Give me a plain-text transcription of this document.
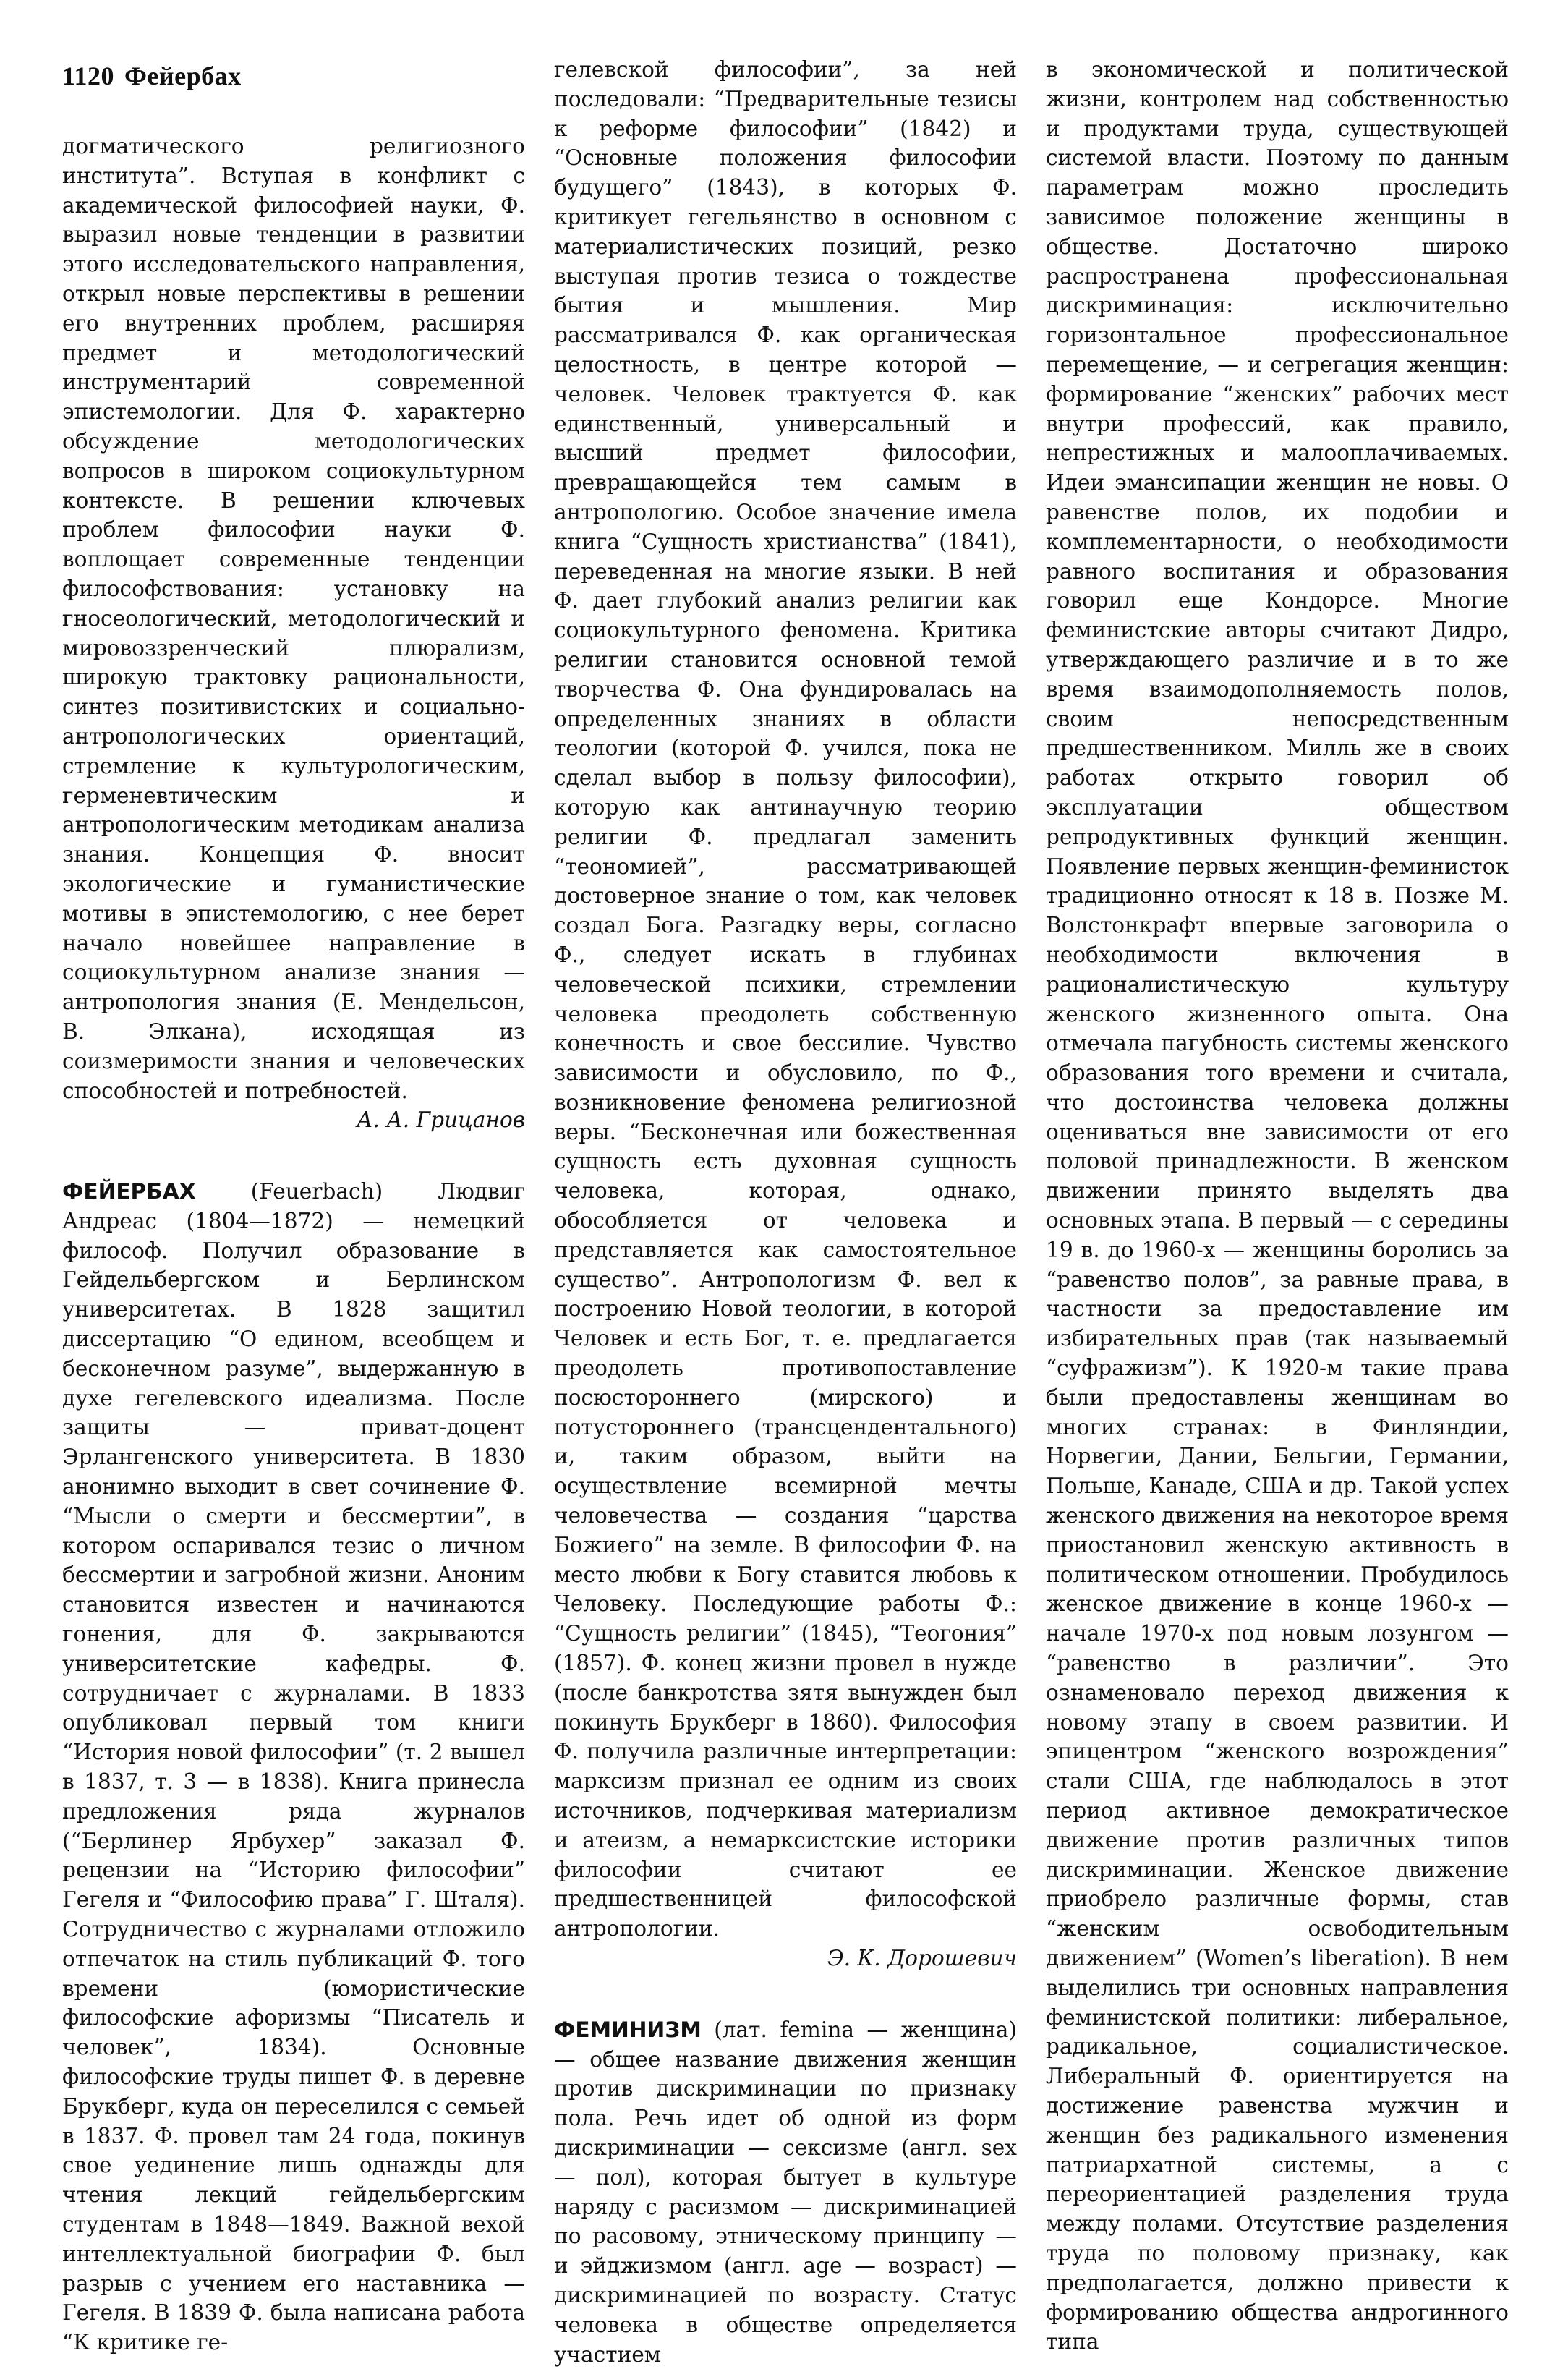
1120 Фейербах

догматического религиозного института”. Вступая в конфликт с академической философией науки, Ф. выразил новые тенденции в развитии этого исследовательского направления, открыл новые перспективы в решении его внутренних проблем, расширяя предмет и методологический инструментарий современной эпистемологии. Для Ф. характерно обсуждение методологических вопросов в широком социокультурном контексте. В решении ключевых проблем философии науки Ф. воплощает современные тенденции философствования: установку на гносеологический, методологический и мировоззренческий плюрализм, широкую трактовку рациональности, синтез позитивистских и социально-антропологических ориентаций, стремление к культурологическим, герменевтическим и антропологическим методикам анализа знания. Концепция Ф. вносит экологические и гуманистические мотивы в эпистемологию, с нее берет начало новейшее направление в социокультурном анализе знания — антропология знания (Е. Мендельсон, В. Элкана), исходящая из соизмеримости знания и человеческих способностей и потребностей.

А. А. Грицанов

ФЕЙЕРБАХ	(Feuerbach) Людвиг Андреас (1804—1872) — немецкий философ. Получил образование в Гейдельбергском и Берлинском университетах. В 1828 защитил диссертацию “О едином, всеобщем и бесконечном разуме”, выдержанную в духе гегелевского идеализма. После защиты — приват-доцент Эрлангенского университета. В 1830 анонимно выходит в свет сочинение Ф. “Мысли о смерти и бессмертии”, в котором оспаривался тезис о личном бессмертии и загробной жизни. Аноним становится известен и начинаются гонения, для Ф. закрываются университетские кафедры. Ф. сотрудничает с журналами. В 1833 опубликовал первый том книги “История новой философии” (т. 2 вышел в 1837, т. 3 — в 1838). Книга принесла предложения ряда журналов (“Берлинер Ярбухер” заказал Ф. рецензии на “Историю философии” Гегеля и “Философию права” Г. Шталя). Сотрудничество с журналами отложило отпечаток на стиль публикаций Ф. того времени (юмористические философские афоризмы “Писатель и человек”, 1834). Основные философские труды пишет Ф. в деревне Брукберг, куда он переселился с семьей в 1837. Ф. провел там 24 года, покинув свое уединение лишь однажды для чтения лекций гейдельбергским студентам в 1848—1849. Важной вехой интеллектуальной биографии Ф. был разрыв с учением его наставника — Гегеля. В 1839 Ф. была написана работа “К критике ге-

гелевской философии”, за ней последовали: “Предварительные тезисы к реформе философии” (1842) и “Основные положения философии будущего” (1843), в которых Ф. критикует гегельянство в основном с материалистических позиций, резко выступая против тезиса о тождестве бытия и мышления. Мир рассматривался Ф. как органическая целостность, в центре которой — человек. Человек трактуется Ф. как единственный, универсальный и высший предмет философии, превращающейся тем самым в антропологию. Особое значение имела книга “Сущность христианства” (1841), переведенная на многие языки. В ней Ф. дает глубокий анализ религии как социокультурного феномена. Критика религии становится основной темой творчества Ф. Она фундировалась на определенных знаниях в области теологии (которой Ф. учился, пока не сделал выбор в пользу философии), которую как антинаучную теорию религии Ф. предлагал заменить “теономией”, рассматривающей достоверное знание о том, как человек создал Бога. Разгадку веры, согласно Ф., следует искать в глубинах человеческой психики, стремлении человека преодолеть собственную конечность и свое бессилие. Чувство зависимости и обусловило, по Ф., возникновение феномена религиозной веры. “Бесконечная или божественная сущность есть духовная сущность человека, которая, однако, обособляется от человека и представляется как самостоятельное существо”. Антропологизм Ф. вел к построению Новой теологии, в которой Человек и есть Бог, т. е. предлагается преодолеть противопоставление посюстороннего (мирского) и потустороннего (трансцендентального) и, таким образом, выйти на осуществление всемирной мечты человечества — создания “царства Божиего” на земле. В философии Ф. на место любви к Богу ставится любовь к Человеку. Последующие работы Ф.: “Сущность религии” (1845), “Теогония” (1857). Ф. конец жизни провел в нужде (после банкротства зятя вынужден был покинуть Брукберг в 1860). Философия Ф. получила различные интерпретации: марксизм признал ее одним из своих источников, подчеркивая материализм и атеизм, а немарксистские историки философии считают ее предшественницей философской антропологии.

Э. К. Дорошевич

ФЕМИНИЗМ (лат. femina — женщина) — общее название движения женщин против дискриминации по признаку пола. Речь идет об одной из форм дискриминации — сексизме (англ. sex — пол), которая бытует в культуре наряду с расизмом — дискриминацией по расовому, этническому принципу — и эйджизмом (англ. age — возраст) — дискриминацией по возрасту. Статус человека в обществе определяется участием

в экономической и политической жизни, контролем над собственностью и продуктами труда, существующей системой власти. Поэтому по данным параметрам можно проследить зависимое положение женщины в обществе. Достаточно широко распространена профессиональная дискриминация: исключительно горизонтальное профессиональное перемещение, — и сегрегация женщин: формирование “женских” рабочих мест внутри профессий, как правило, непрестижных и малооплачиваемых. Идеи эмансипации женщин не новы. О равенстве полов, их подобии и комплементарности, о необходимости равного воспитания и образования говорил еще Кондорсе. Многие феминистские авторы считают Дидро, утверждающего различие и в то же время взаимодополняемость полов, своим непосредственным предшественником. Милль же в своих работах открыто говорил об эксплуатации обществом репродуктивных функций женщин. Появление первых женщин-феминисток традиционно относят к 18 в. Позже М. Волстонкрафт впервые заговорила о необходимости включения в рационалистическую культуру женского жизненного опыта. Она отмечала пагубность системы женского образования того времени и считала, что достоинства человека должны оцениваться вне зависимости от его половой принадлежности. В женском движении принято выделять два основных этапа. В первый — с середины 19 в. до 1960-х — женщины боролись за “равенство полов”, за равные права, в частности за предоставление им избирательных прав (так называемый “суфражизм”). К 1920-м такие права были предоставлены женщинам во многих странах: в Финляндии, Норвегии, Дании, Бельгии, Германии, Польше, Канаде, США и др. Такой успех женского движения на некоторое время приостановил женскую активность в политическом отношении. Пробудилось женское движение в конце 1960-х — начале 1970-х под новым лозунгом — “равенство в различии”. Это ознаменовало переход движения к новому этапу в своем развитии. И эпицентром “женского возрождения” стали США, где наблюдалось в этот период активное демократическое движение против различных типов дискриминации. Женское движение приобрело различные формы, став “женским освободительным движением” (Women’s liberation). В нем выделились три основных направления феминистской политики: либеральное, радикальное, социалистическое. Либеральный Ф. ориентируется на достижение равенства мужчин и женщин без радикального изменения патриархатной системы, а с переориентацией разделения труда между полами. Отсутствие разделения труда по половому признаку, как предполагается, должно привести к формированию общества андрогинного типа
